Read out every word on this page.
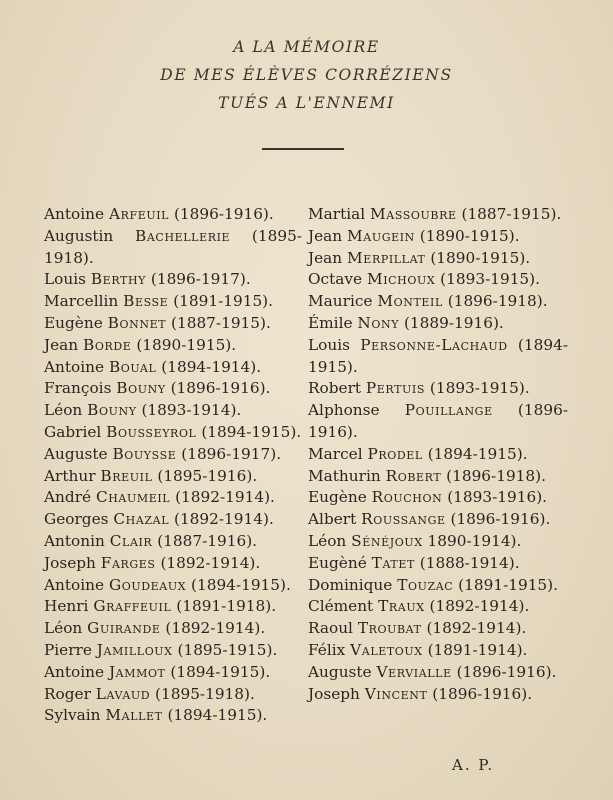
A LA MÉMOIRE
DE MES ÉLÈVES CORRÉZIENS
TUÉS A L'ENNEMI
Antoine Arfeuil (1896-1916).
Augustin Bachellerie (1895-1918).
Louis Berthy (1896-1917).
Marcellin Besse (1891-1915).
Eugène Bonnet (1887-1915).
Jean Borde (1890-1915).
Antoine Boual (1894-1914).
François Bouny (1896-1916).
Léon Bouny (1893-1914).
Gabriel Bousseyrol (1894-1915).
Auguste Bouysse (1896-1917).
Arthur Breuil (1895-1916).
André Chaumeil (1892-1914).
Georges Chazal (1892-1914).
Antonin Clair (1887-1916).
Joseph Farges (1892-1914).
Antoine Goudeaux (1894-1915).
Henri Graffeuil (1891-1918).
Léon Guirande (1892-1914).
Pierre Jamilloux (1895-1915).
Antoine Jammot (1894-1915).
Roger Lavaud (1895-1918).
Sylvain Mallet (1894-1915).
Martial Massoubre (1887-1915).
Jean Maugein (1890-1915).
Jean Merpillat (1890-1915).
Octave Michoux (1893-1915).
Maurice Monteil (1896-1918).
Émile Nony (1889-1916).
Louis Personne-Lachaud (1894-1915).
Robert Pertuis (1893-1915).
Alphonse Pouillange (1896-1916).
Marcel Prodel (1894-1915).
Mathurin Robert (1896-1918).
Eugène Rouchon (1893-1916).
Albert Roussange (1896-1916).
Léon Sénéjoux 1890-1914).
Eugèné Tatet (1888-1914).
Dominique Touzac (1891-1915).
Clément Traux (1892-1914).
Raoul Troubat (1892-1914).
Félix Valetoux (1891-1914).
Auguste Vervialle (1896-1916).
Joseph Vincent (1896-1916).
A. P.
